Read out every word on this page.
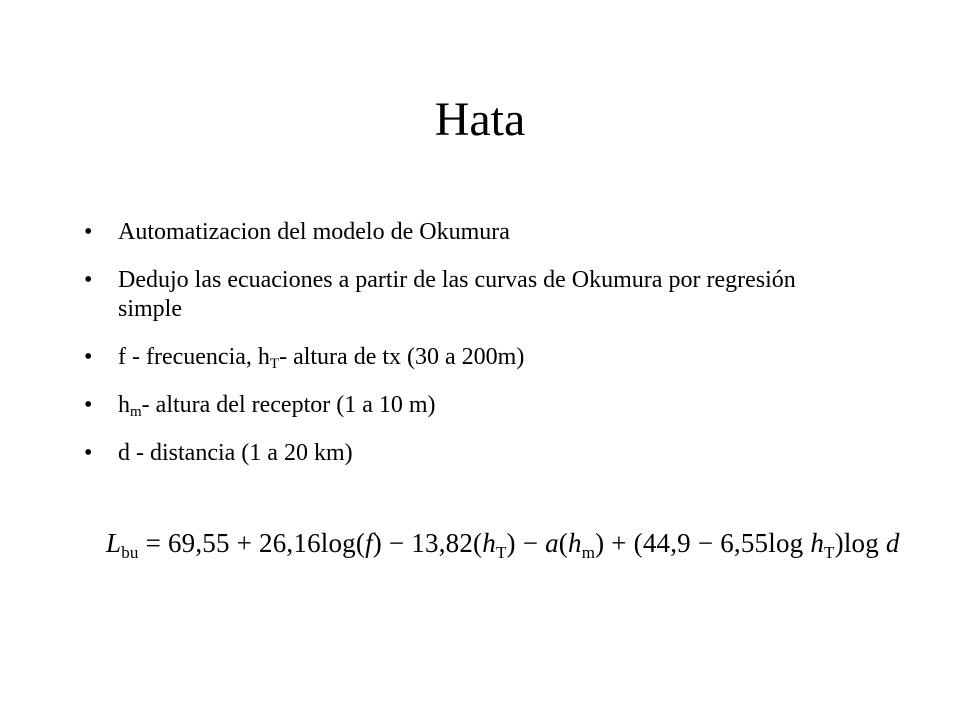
Hata
• Automatizacion del modelo de Okumura
• Dedujo las ecuaciones a partir de las curvas de Okumura por regresión simple
• f - frecuencia, $h_T-$ altura de tx (30 a 200m)
• $h_m-$ altura del receptor (1 a 10 m)
• d - distancia (1 a 20 km)
$L_{bu} = 69,55 + 26,16\log(f) - 13,82(h_T) - a(h_m) + (44,9 - 6,55\log$ $h_T)\log$ d
